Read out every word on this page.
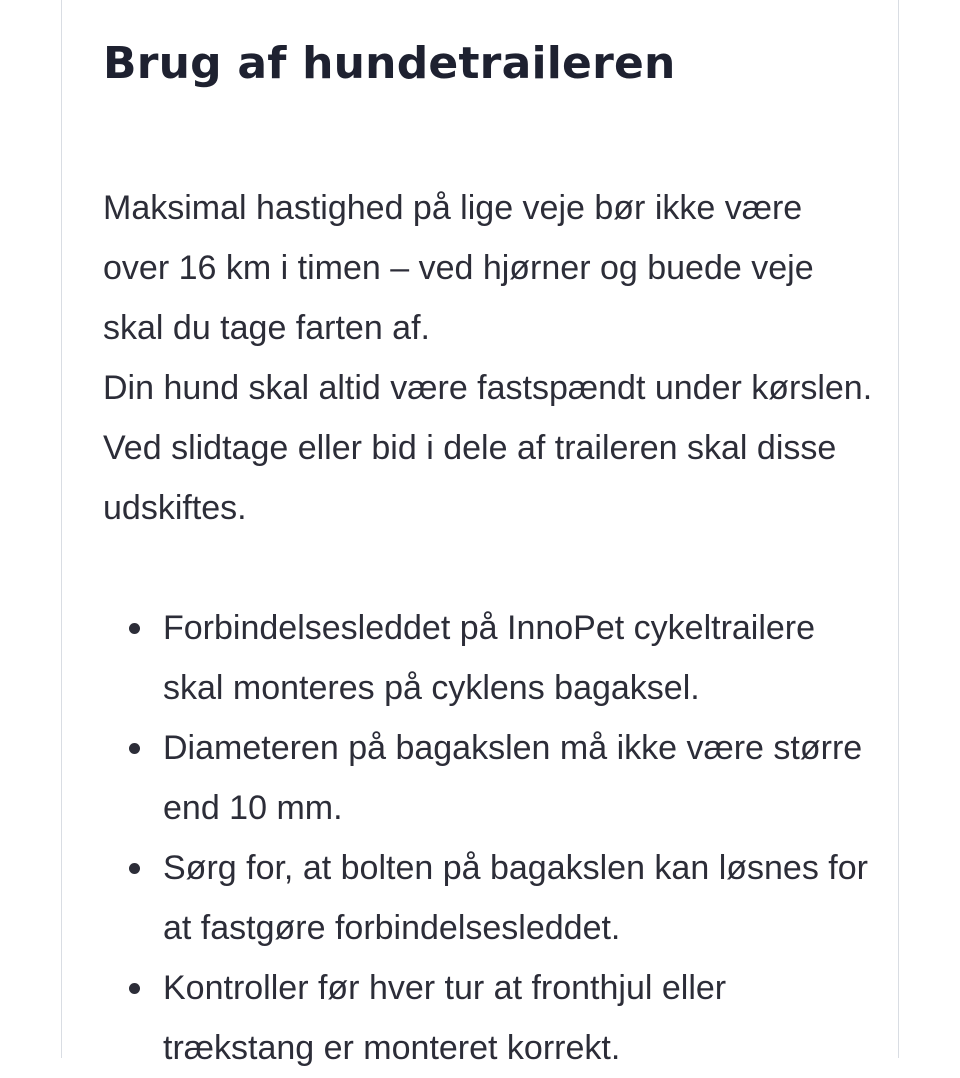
Brug af hundetraileren

Maksimal hastighed på lige veje bør ikke være over 16 km i timen – ved hjørner og buede veje skal du tage farten af.

Din hund skal altid være fastspændt under kørslen. Ved slidtage eller bid i dele af traileren skal disse udskiftes.

Forbindelsesleddet på InnoPet cykeltrailere skal monteres på cyklens bagaksel.
Diameteren på bagakslen må ikke være større end 10 mm.
Sørg for, at bolten på bagakslen kan løsnes for at fastgøre forbindelsesleddet.
Kontroller før hver tur at fronthjul eller trækstang er monteret korrekt.
